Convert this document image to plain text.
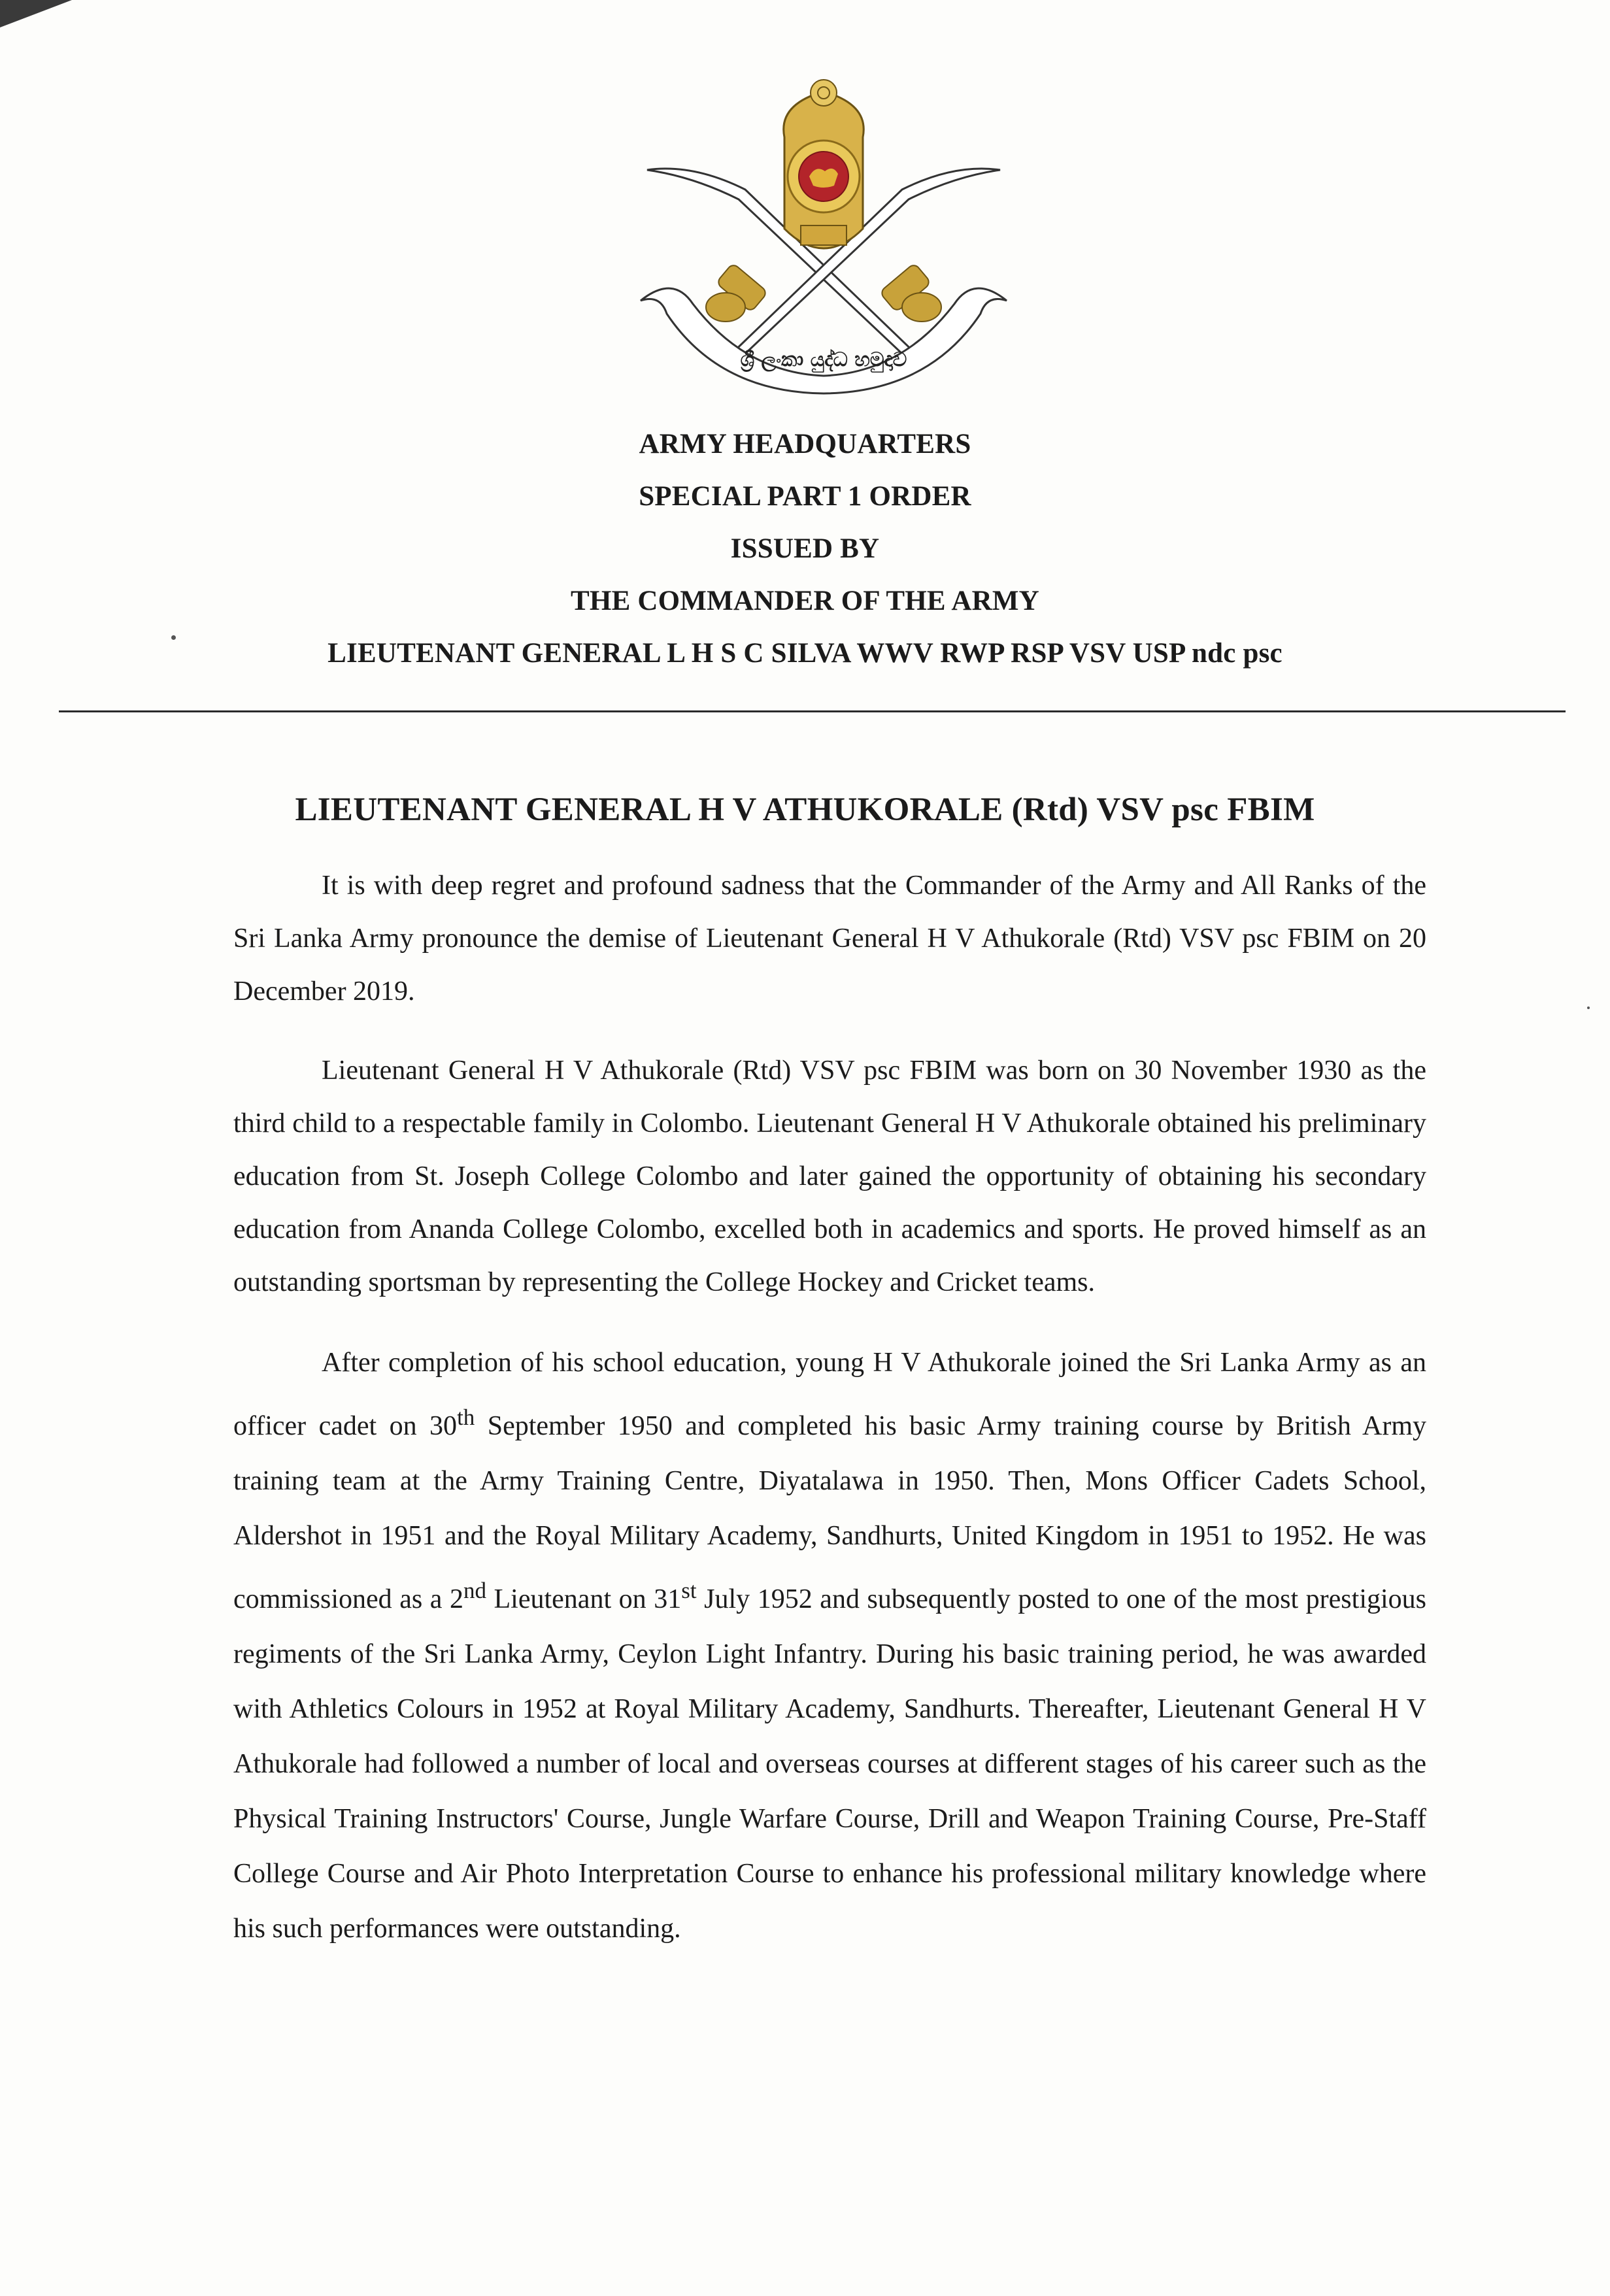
ශ්‍රී ලංකා යුද්ධ හමුදාව
ARMY HEADQUARTERS
SPECIAL PART 1 ORDER
ISSUED BY
THE COMMANDER OF THE ARMY
LIEUTENANT GENERAL L H S C SILVA WWV RWP RSP VSV USP ndc psc
LIEUTENANT GENERAL H V ATHUKORALE (Rtd) VSV psc FBIM

It is with deep regret and profound sadness that the Commander of the Army and All Ranks of the Sri Lanka Army pronounce the demise of Lieutenant General H V Athukorale (Rtd) VSV psc FBIM on 20 December 2019.

Lieutenant General H V Athukorale (Rtd) VSV psc FBIM was born on 30 November 1930 as the third child to a respectable family in Colombo. Lieutenant General H V Athukorale obtained his preliminary education from St. Joseph College Colombo and later gained the opportunity of obtaining his secondary education from Ananda College Colombo, excelled both in academics and sports. He proved himself as an outstanding sportsman by representing the College Hockey and Cricket teams.

After completion of his school education, young H V Athukorale joined the Sri Lanka Army as an officer cadet on 30th September 1950 and completed his basic Army training course by British Army training team at the Army Training Centre, Diyatalawa in 1950. Then, Mons Officer Cadets School, Aldershot in 1951 and the Royal Military Academy, Sandhurts, United Kingdom in 1951 to 1952. He was commissioned as a 2nd Lieutenant on 31st July 1952 and subsequently posted to one of the most prestigious regiments of the Sri Lanka Army, Ceylon Light Infantry. During his basic training period, he was awarded with Athletics Colours in 1952 at Royal Military Academy, Sandhurts. Thereafter, Lieutenant General H V Athukorale had followed a number of local and overseas courses at different stages of his career such as the Physical Training Instructors' Course, Jungle Warfare Course, Drill and Weapon Training Course, Pre-Staff College Course and Air Photo Interpretation Course to enhance his professional military knowledge where his such performances were outstanding.
